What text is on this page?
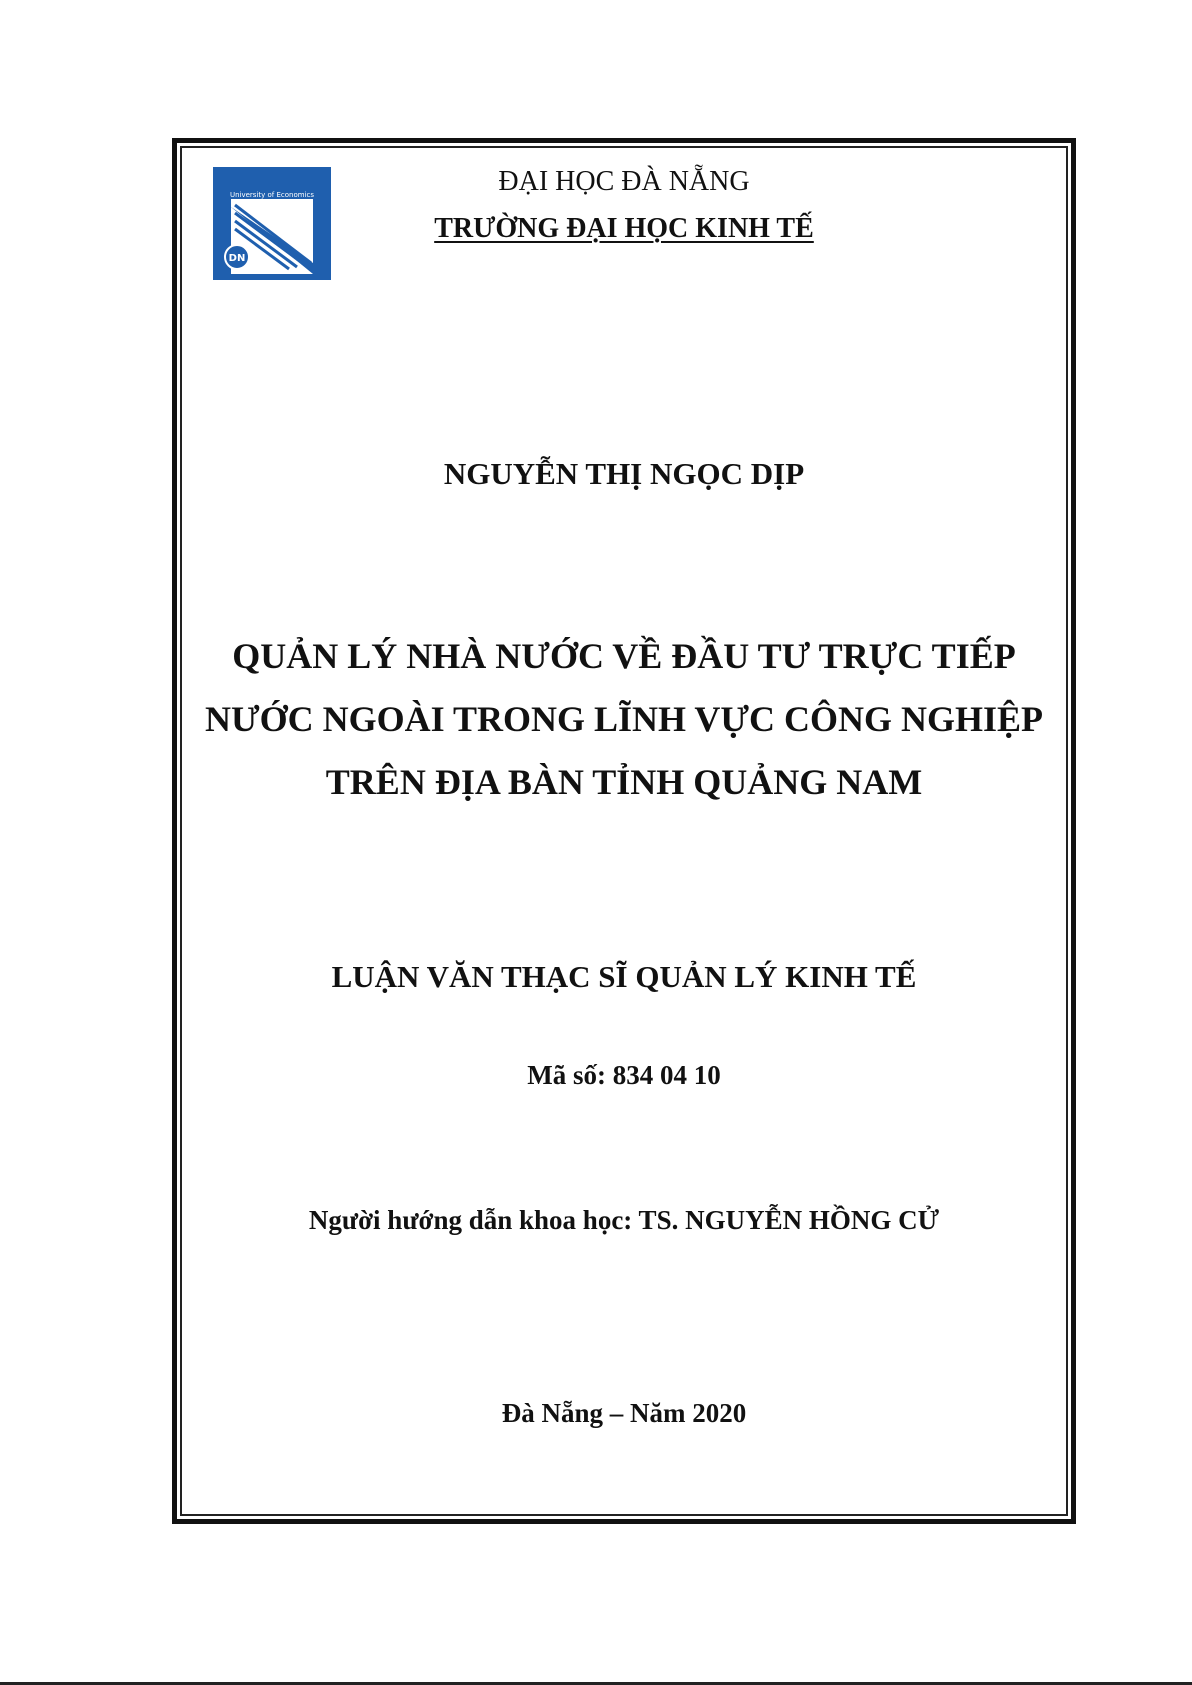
University of Economics
DN
ĐẠI HỌC ĐÀ NẴNG
TRƯỜNG ĐẠI HỌC KINH TẾ
NGUYỄN THỊ NGỌC DỊP
QUẢN LÝ NHÀ NƯỚC VỀ ĐẦU TƯ TRỰC TIẾP
NƯỚC NGOÀI TRONG LĨNH VỰC CÔNG NGHIỆP
TRÊN ĐỊA BÀN TỈNH QUẢNG NAM
LUẬN VĂN THẠC SĨ QUẢN LÝ KINH TẾ
Mã số: 834 04 10
Người hướng dẫn khoa học: TS. NGUYỄN HỒNG CỬ
Đà Nẵng – Năm 2020
